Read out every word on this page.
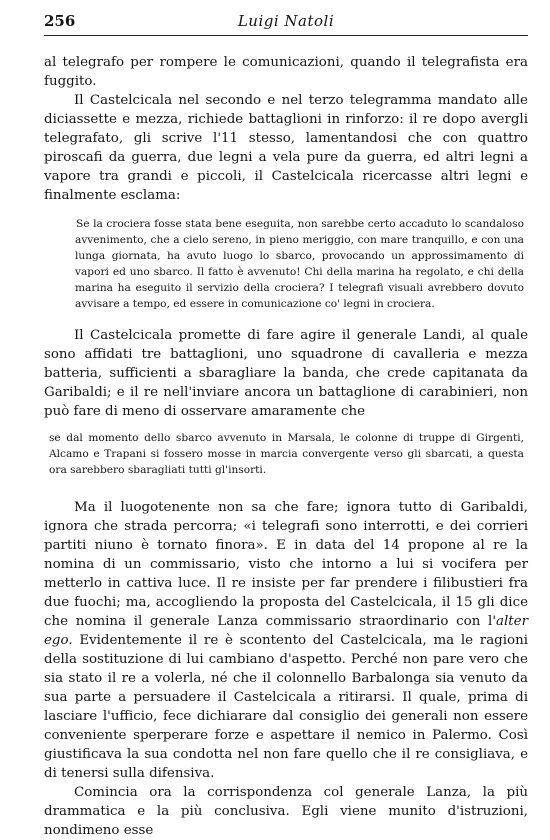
256	Luigi Natoli

al telegrafo per rompere le comunicazioni, quando il telegrafista era fuggito.

Il Castelcicala nel secondo e nel terzo telegramma mandato alle diciassette e mezza, richiede battaglioni in rinforzo: il re dopo avergli telegrafato, gli scrive l'11 stesso, lamentandosi che con quattro piroscafi da guerra, due legni a vela pure da guerra, ed altri legni a vapore tra grandi e piccoli, il Castelcicala ricercasse altri legni e finalmente esclama:

Se la crociera fosse stata bene eseguita, non sarebbe certo accaduto lo scandaloso avvenimento, che a cielo sereno, in pieno meriggio, con mare tranquillo, e con una lunga giornata, ha avuto luogo lo sbarco, provocando un approssimamento di vapori ed uno sbarco. Il fatto è avvenuto! Chi della marina ha regolato, e chi della marina ha eseguito il servizio della crociera? I telegrafi visuali avrebbero dovuto avvisare a tempo, ed essere in comunicazione co' legni in crociera.

Il Castelcicala promette di fare agire il generale Landi, al quale sono affidati tre battaglioni, uno squadrone di cavalleria e mezza batteria, sufficienti a sbaragliare la banda, che crede capitanata da Garibaldi; e il re nell'inviare ancora un battaglione di carabinieri, non può fare di meno di osservare amaramente che

se dal momento dello sbarco avvenuto in Marsala, le colonne di truppe di Girgenti, Alcamo e Trapani si fossero mosse in marcia convergente verso gli sbarcati, a questa ora sarebbero sbaragliati tutti gl'insorti.

Ma il luogotenente non sa che fare; ignora tutto di Garibaldi, ignora che strada percorra; «i telegrafi sono interrotti, e dei corrieri partiti niuno è tornato finora». E in data del 14 propone al re la nomina di un commissario, visto che intorno a lui si vocifera per metterlo in cattiva luce. Il re insiste per far prendere i filibustieri fra due fuochi; ma, accogliendo la proposta del Castelcicala, il 15 gli dice che nomina il generale Lanza commissario straordinario con l'alter ego. Evidentemente il re è scontento del Castelcicala, ma le ragioni della sostituzione di lui cambiano d'aspetto. Perché non pare vero che sia stato il re a volerla, né che il colonnello Barbalonga sia venuto da sua parte a persuadere il Castelcicala a ritirarsi. Il quale, prima di lasciare l'ufficio, fece dichiarare dal consiglio dei generali non essere conveniente sperperare forze e aspettare il nemico in Palermo. Così giustificava la sua condotta nel non fare quello che il re consigliava, e di tenersi sulla difensiva.

Comincia ora la corrispondenza col generale Lanza, la più drammatica e la più conclusiva. Egli viene munito d'istruzioni, nondimeno esse
